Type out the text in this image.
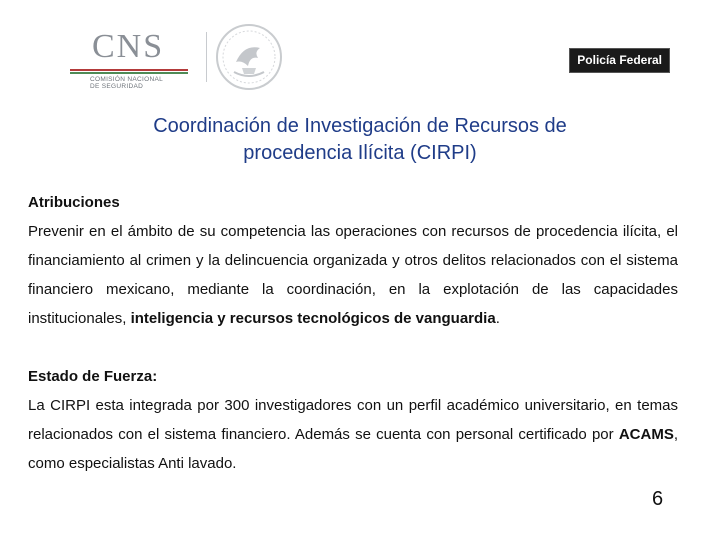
CNS
COMISIÓN NACIONAL
DE SEGURIDAD
Policía Federal
Coordinación de Investigación de Recursos de
procedencia Ilícita (CIRPI)

Atribuciones

Prevenir en el ámbito de su competencia las operaciones con recursos de procedencia ilícita, el financiamiento al crimen y la delincuencia organizada y otros delitos relacionados con el sistema financiero mexicano, mediante la coordinación, en la explotación de las capacidades institucionales, inteligencia y recursos tecnológicos de vanguardia.

Estado de Fuerza:

La CIRPI esta integrada por 300 investigadores con un perfil académico universitario, en temas relacionados con el sistema financiero. Además se cuenta con personal certificado por ACAMS, como especialistas Anti lavado.

6
